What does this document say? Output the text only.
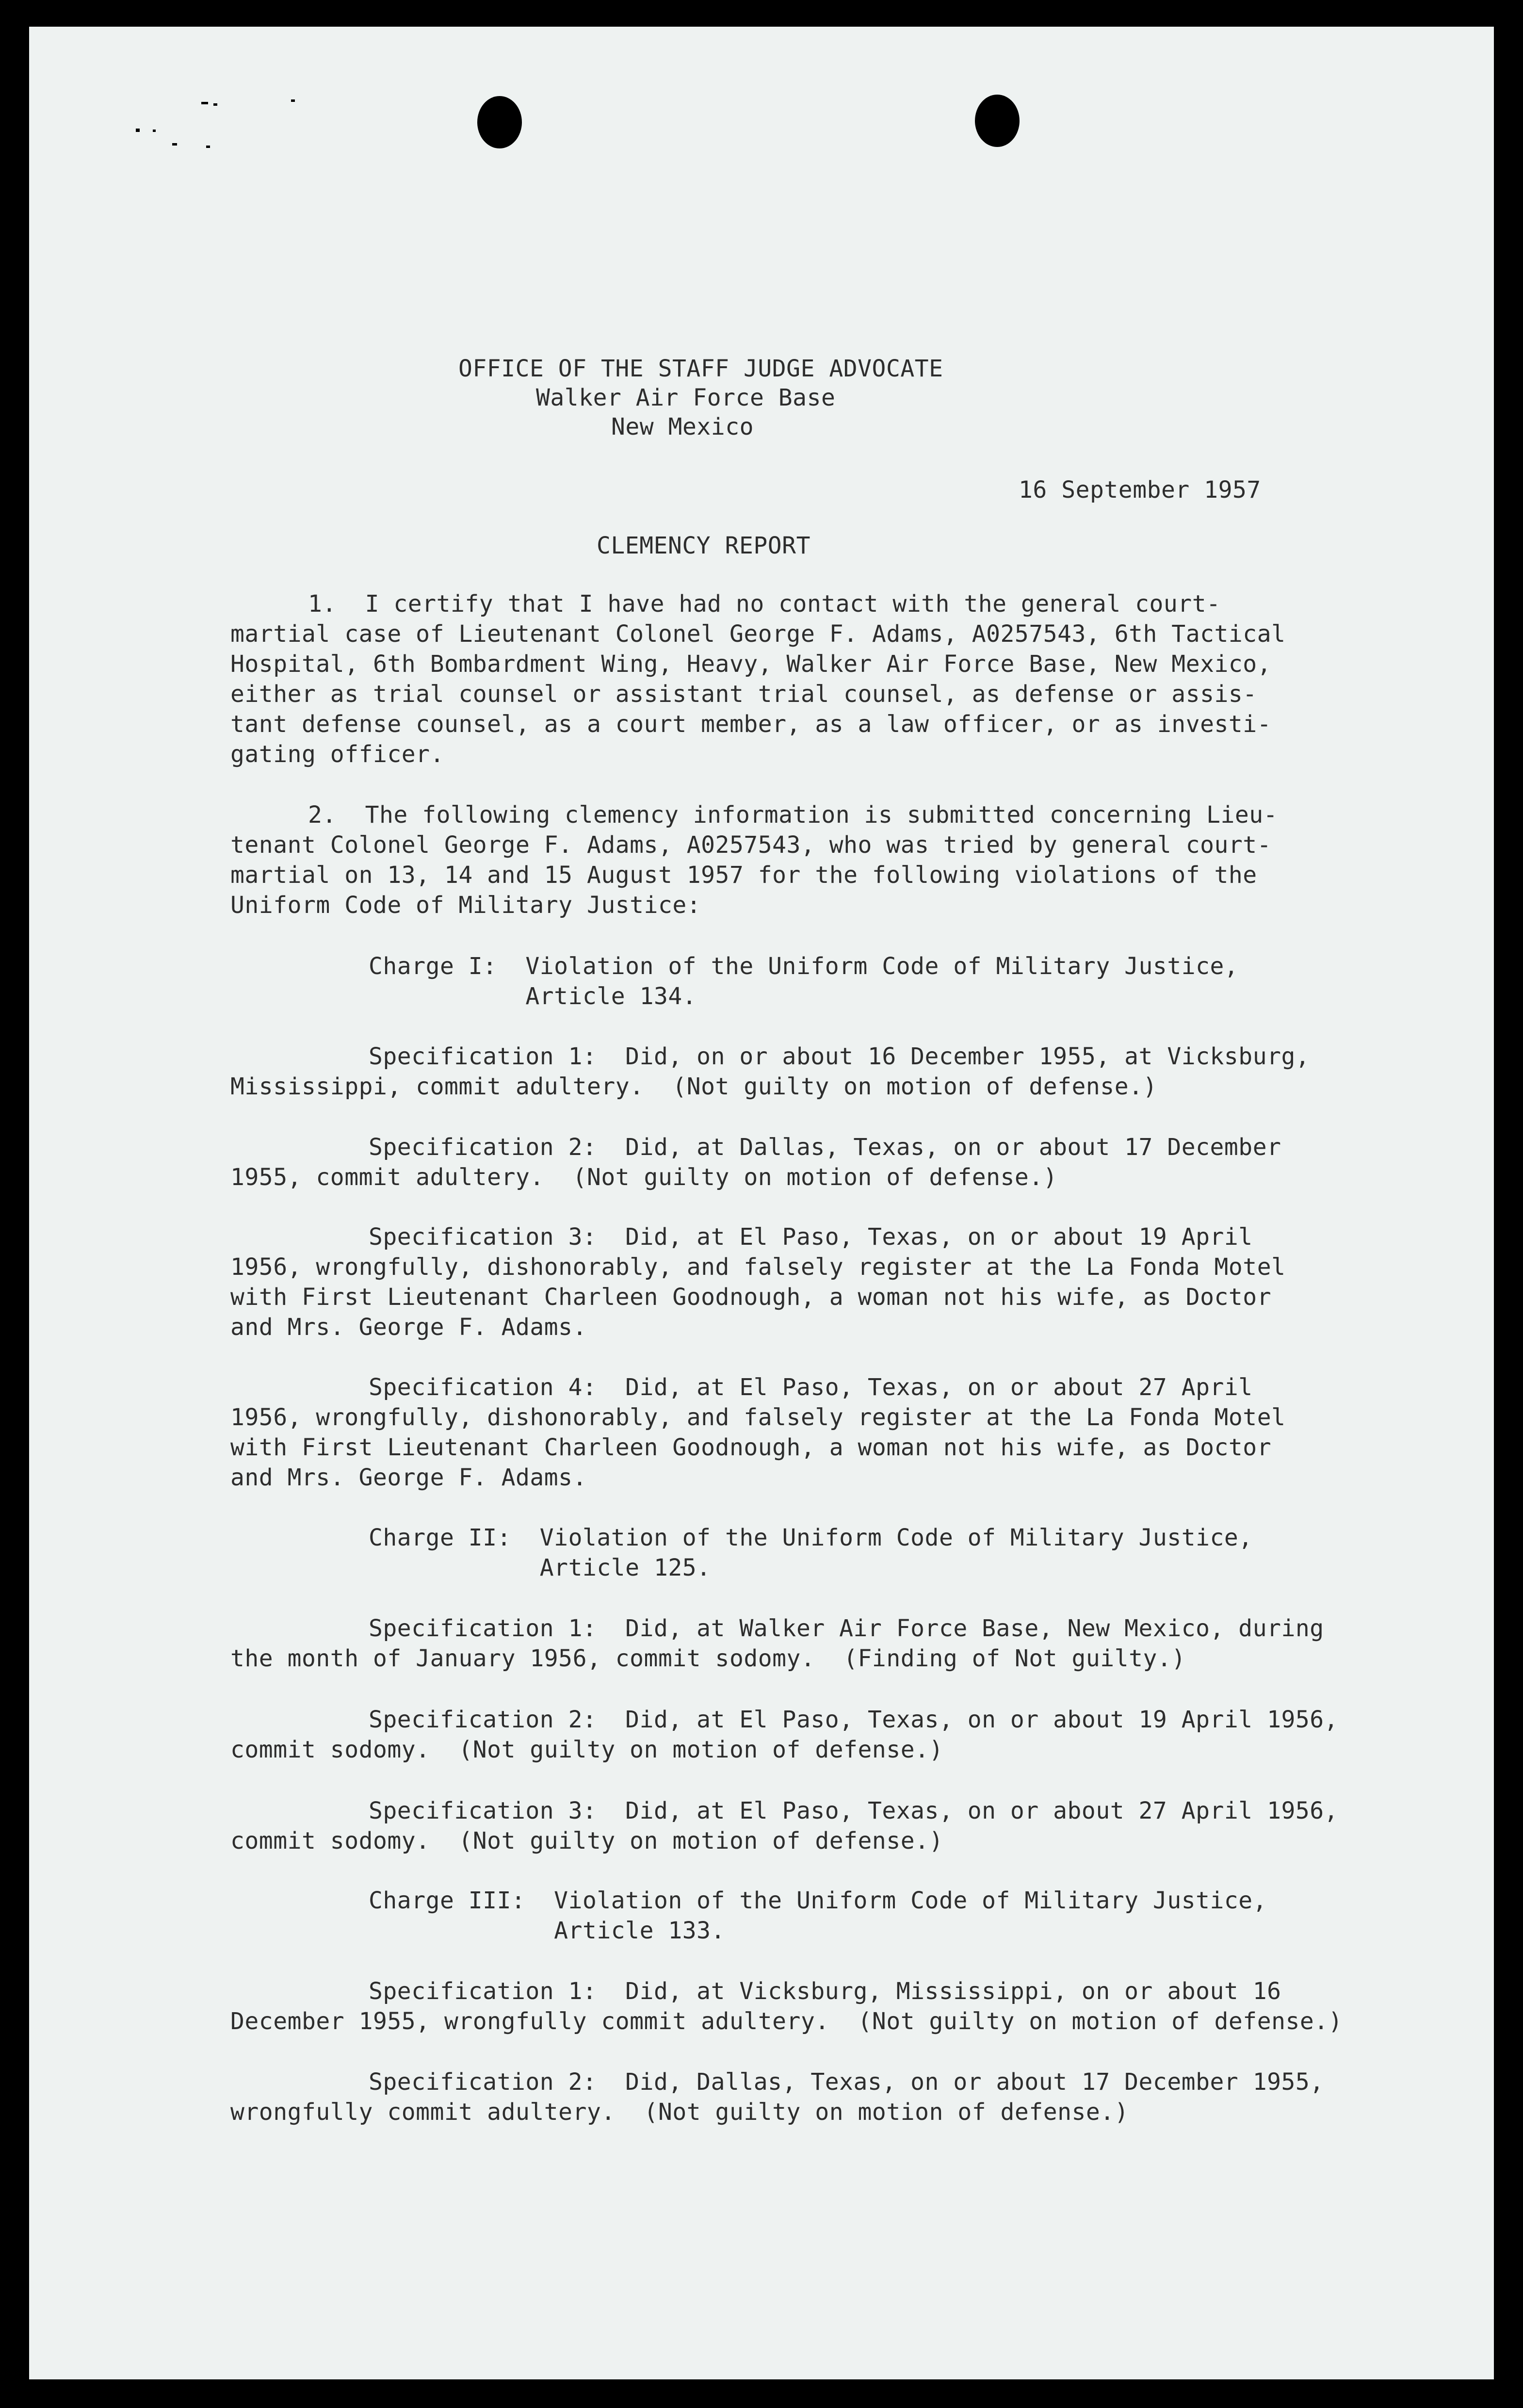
OFFICE OF THE STAFF JUDGE ADVOCATE
Walker Air Force Base
New Mexico
16 September 1957
CLEMENCY REPORT
1.  I certify that I have had no contact with the general court-
martial case of Lieutenant Colonel George F. Adams, A0257543, 6th Tactical
Hospital, 6th Bombardment Wing, Heavy, Walker Air Force Base, New Mexico,
either as trial counsel or assistant trial counsel, as defense or assis-
tant defense counsel, as a court member, as a law officer, or as investi-
gating officer.
2.  The following clemency information is submitted concerning Lieu-
tenant Colonel George F. Adams, A0257543, who was tried by general court-
martial on 13, 14 and 15 August 1957 for the following violations of the
Uniform Code of Military Justice:
Charge I:  Violation of the Uniform Code of Military Justice,
Article 134.
Specification 1:  Did, on or about 16 December 1955, at Vicksburg,
Mississippi, commit adultery.  (Not guilty on motion of defense.)
Specification 2:  Did, at Dallas, Texas, on or about 17 December
1955, commit adultery.  (Not guilty on motion of defense.)
Specification 3:  Did, at El Paso, Texas, on or about 19 April
1956, wrongfully, dishonorably, and falsely register at the La Fonda Motel
with First Lieutenant Charleen Goodnough, a woman not his wife, as Doctor
and Mrs. George F. Adams.
Specification 4:  Did, at El Paso, Texas, on or about 27 April
1956, wrongfully, dishonorably, and falsely register at the La Fonda Motel
with First Lieutenant Charleen Goodnough, a woman not his wife, as Doctor
and Mrs. George F. Adams.
Charge II:  Violation of the Uniform Code of Military Justice,
Article 125.
Specification 1:  Did, at Walker Air Force Base, New Mexico, during
the month of January 1956, commit sodomy.  (Finding of Not guilty.)
Specification 2:  Did, at El Paso, Texas, on or about 19 April 1956,
commit sodomy.  (Not guilty on motion of defense.)
Specification 3:  Did, at El Paso, Texas, on or about 27 April 1956,
commit sodomy.  (Not guilty on motion of defense.)
Charge III:  Violation of the Uniform Code of Military Justice,
Article 133.
Specification 1:  Did, at Vicksburg, Mississippi, on or about 16
December 1955, wrongfully commit adultery.  (Not guilty on motion of defense.)
Specification 2:  Did, Dallas, Texas, on or about 17 December 1955,
wrongfully commit adultery.  (Not guilty on motion of defense.)
